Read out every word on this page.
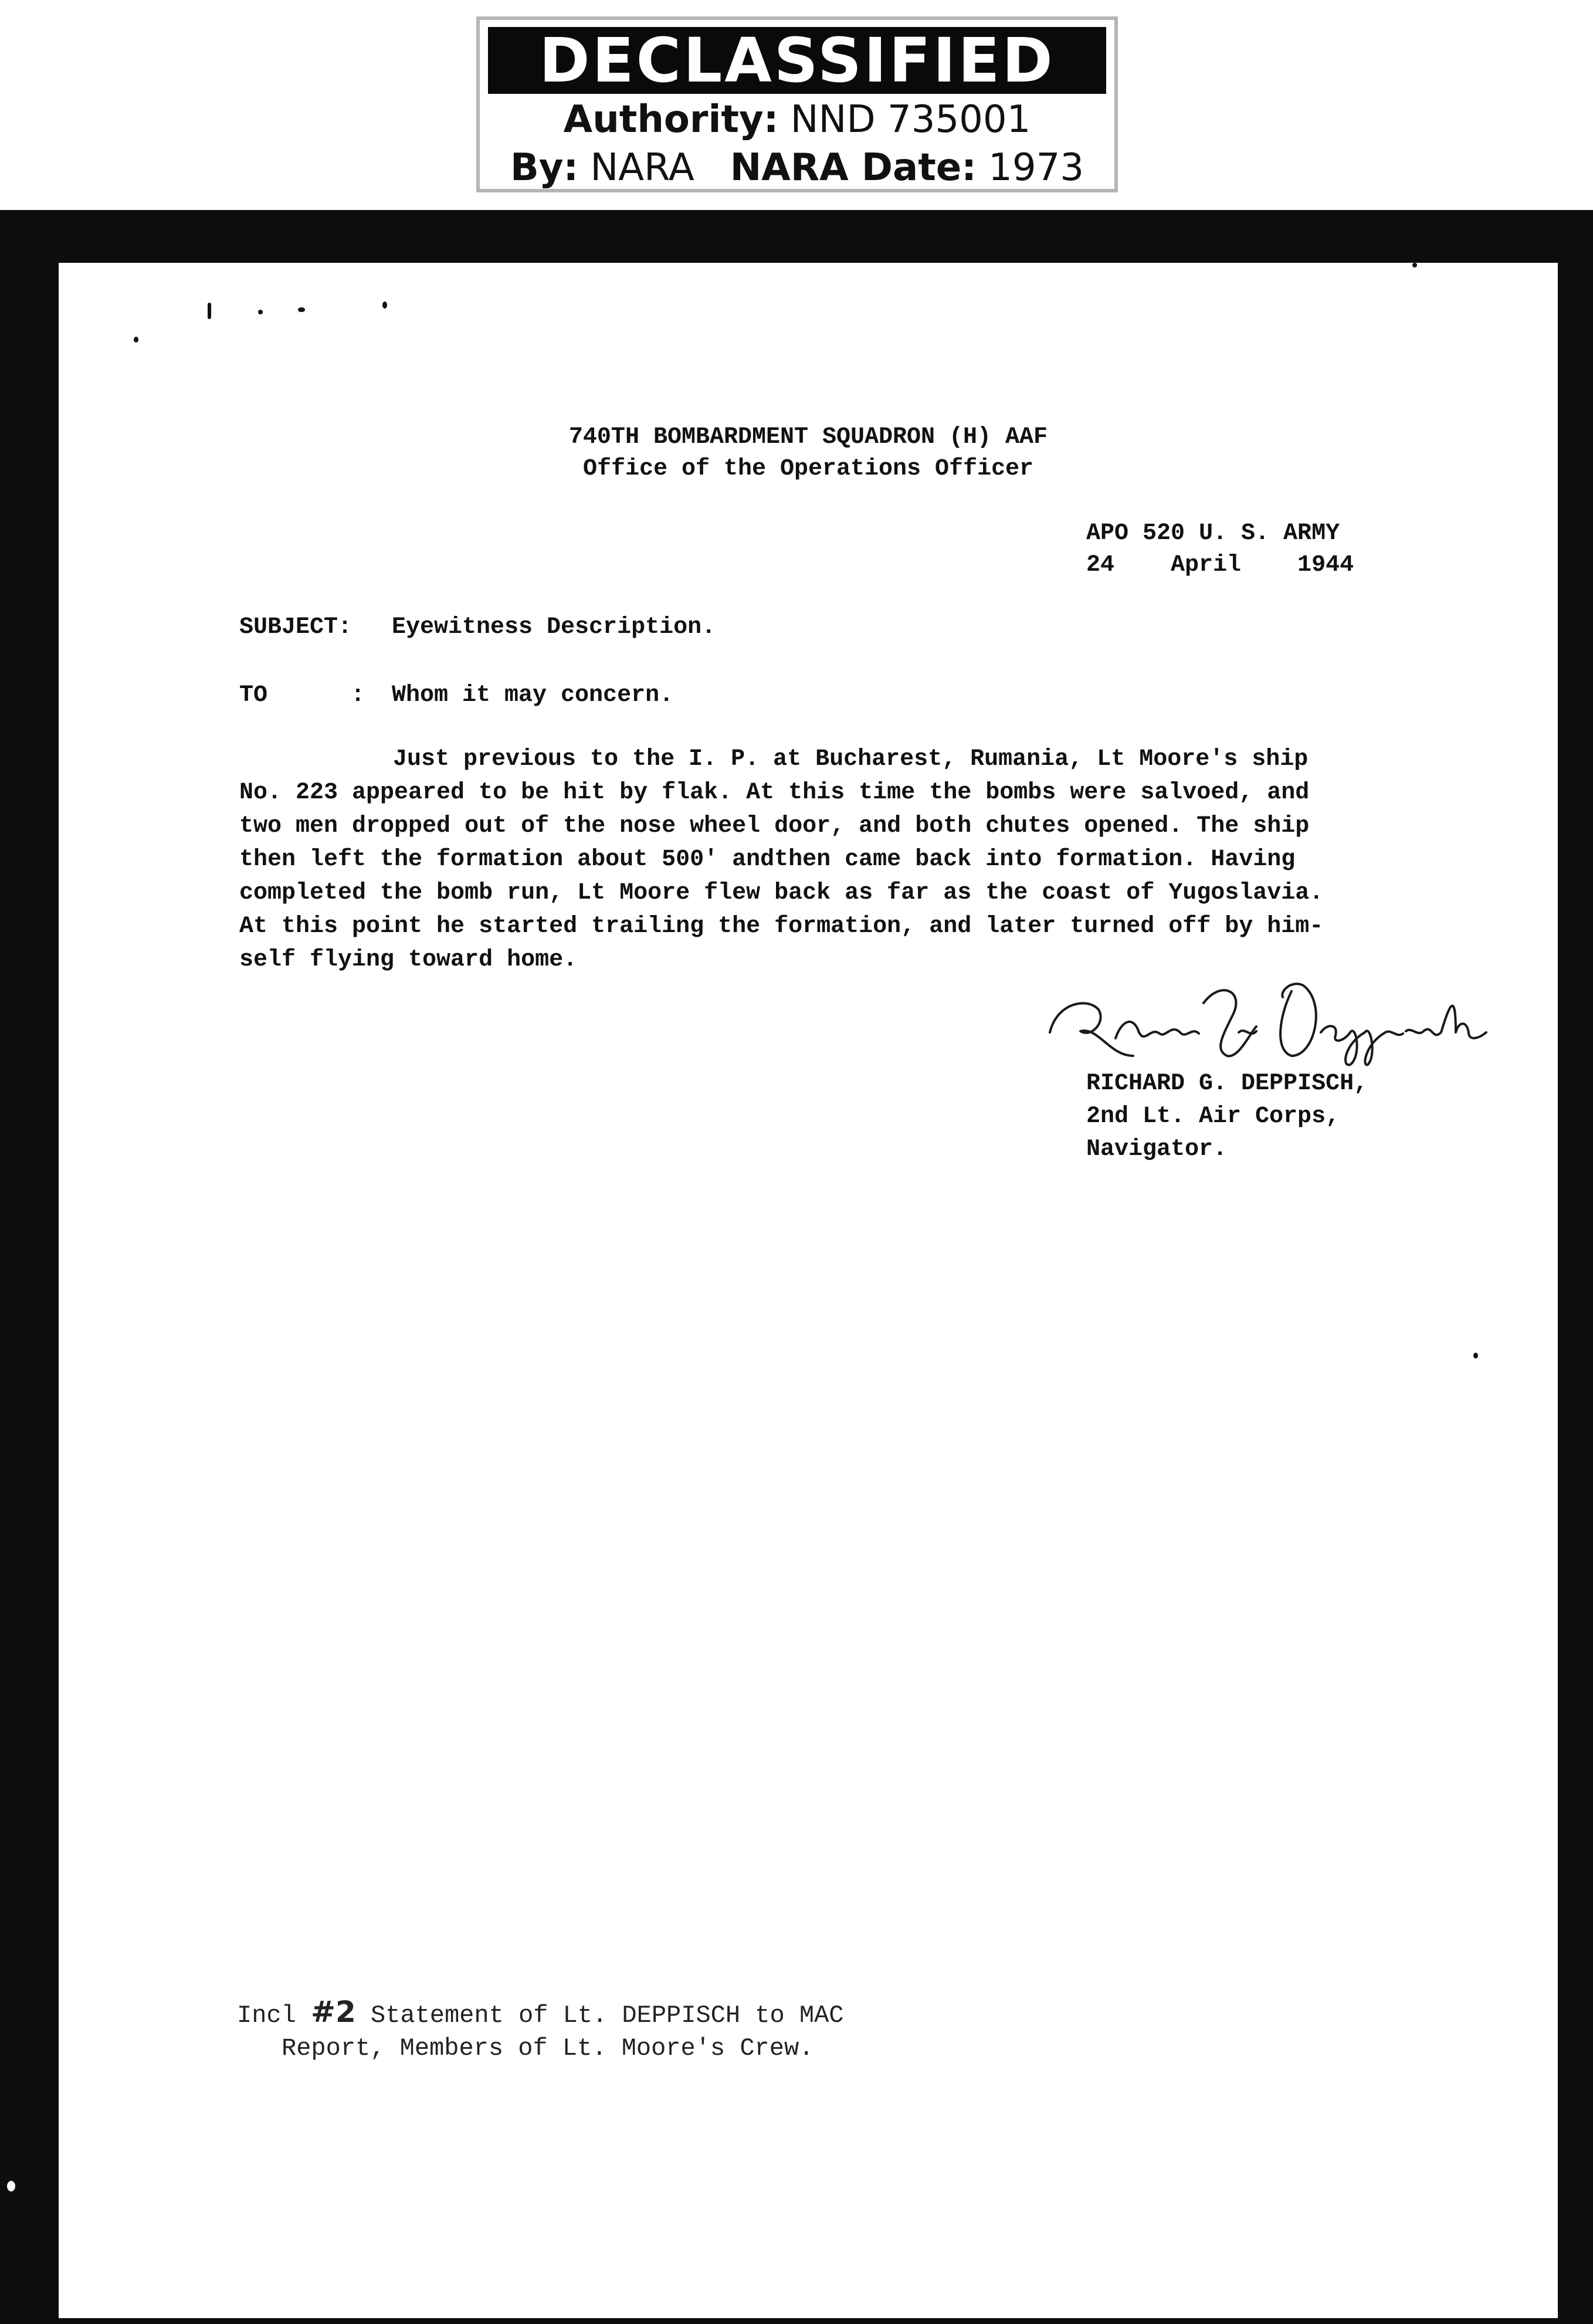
DECLASSIFIED
Authority: NND 735001
By: NARA NARA Date: 1973
740TH BOMBARDMENT SQUADRON (H) AAF
Office of the Operations Officer
APO 520 U. S. ARMY
24    April    1944
SUBJECT: Eyewitness Description.
TO	: Whom it may concern.

Just previous to the I. P. at Bucharest, Rumania, Lt Moore's ship

No. 223 appeared to be hit by flak. At this time the bombs were salvoed, and

two men dropped out of the nose wheel door, and both chutes opened. The ship

then left the formation about 500' andthen came back into formation. Having

completed the bomb run, Lt Moore flew back as far as the coast of Yugoslavia.

At this point he started trailing the formation, and later turned off by him-

self flying toward home.

RICHARD G. DEPPISCH,
2nd Lt. Air Corps,
Navigator.
Incl #2 Statement of Lt. DEPPISCH to MAC
Report, Members of Lt. Moore's Crew.
